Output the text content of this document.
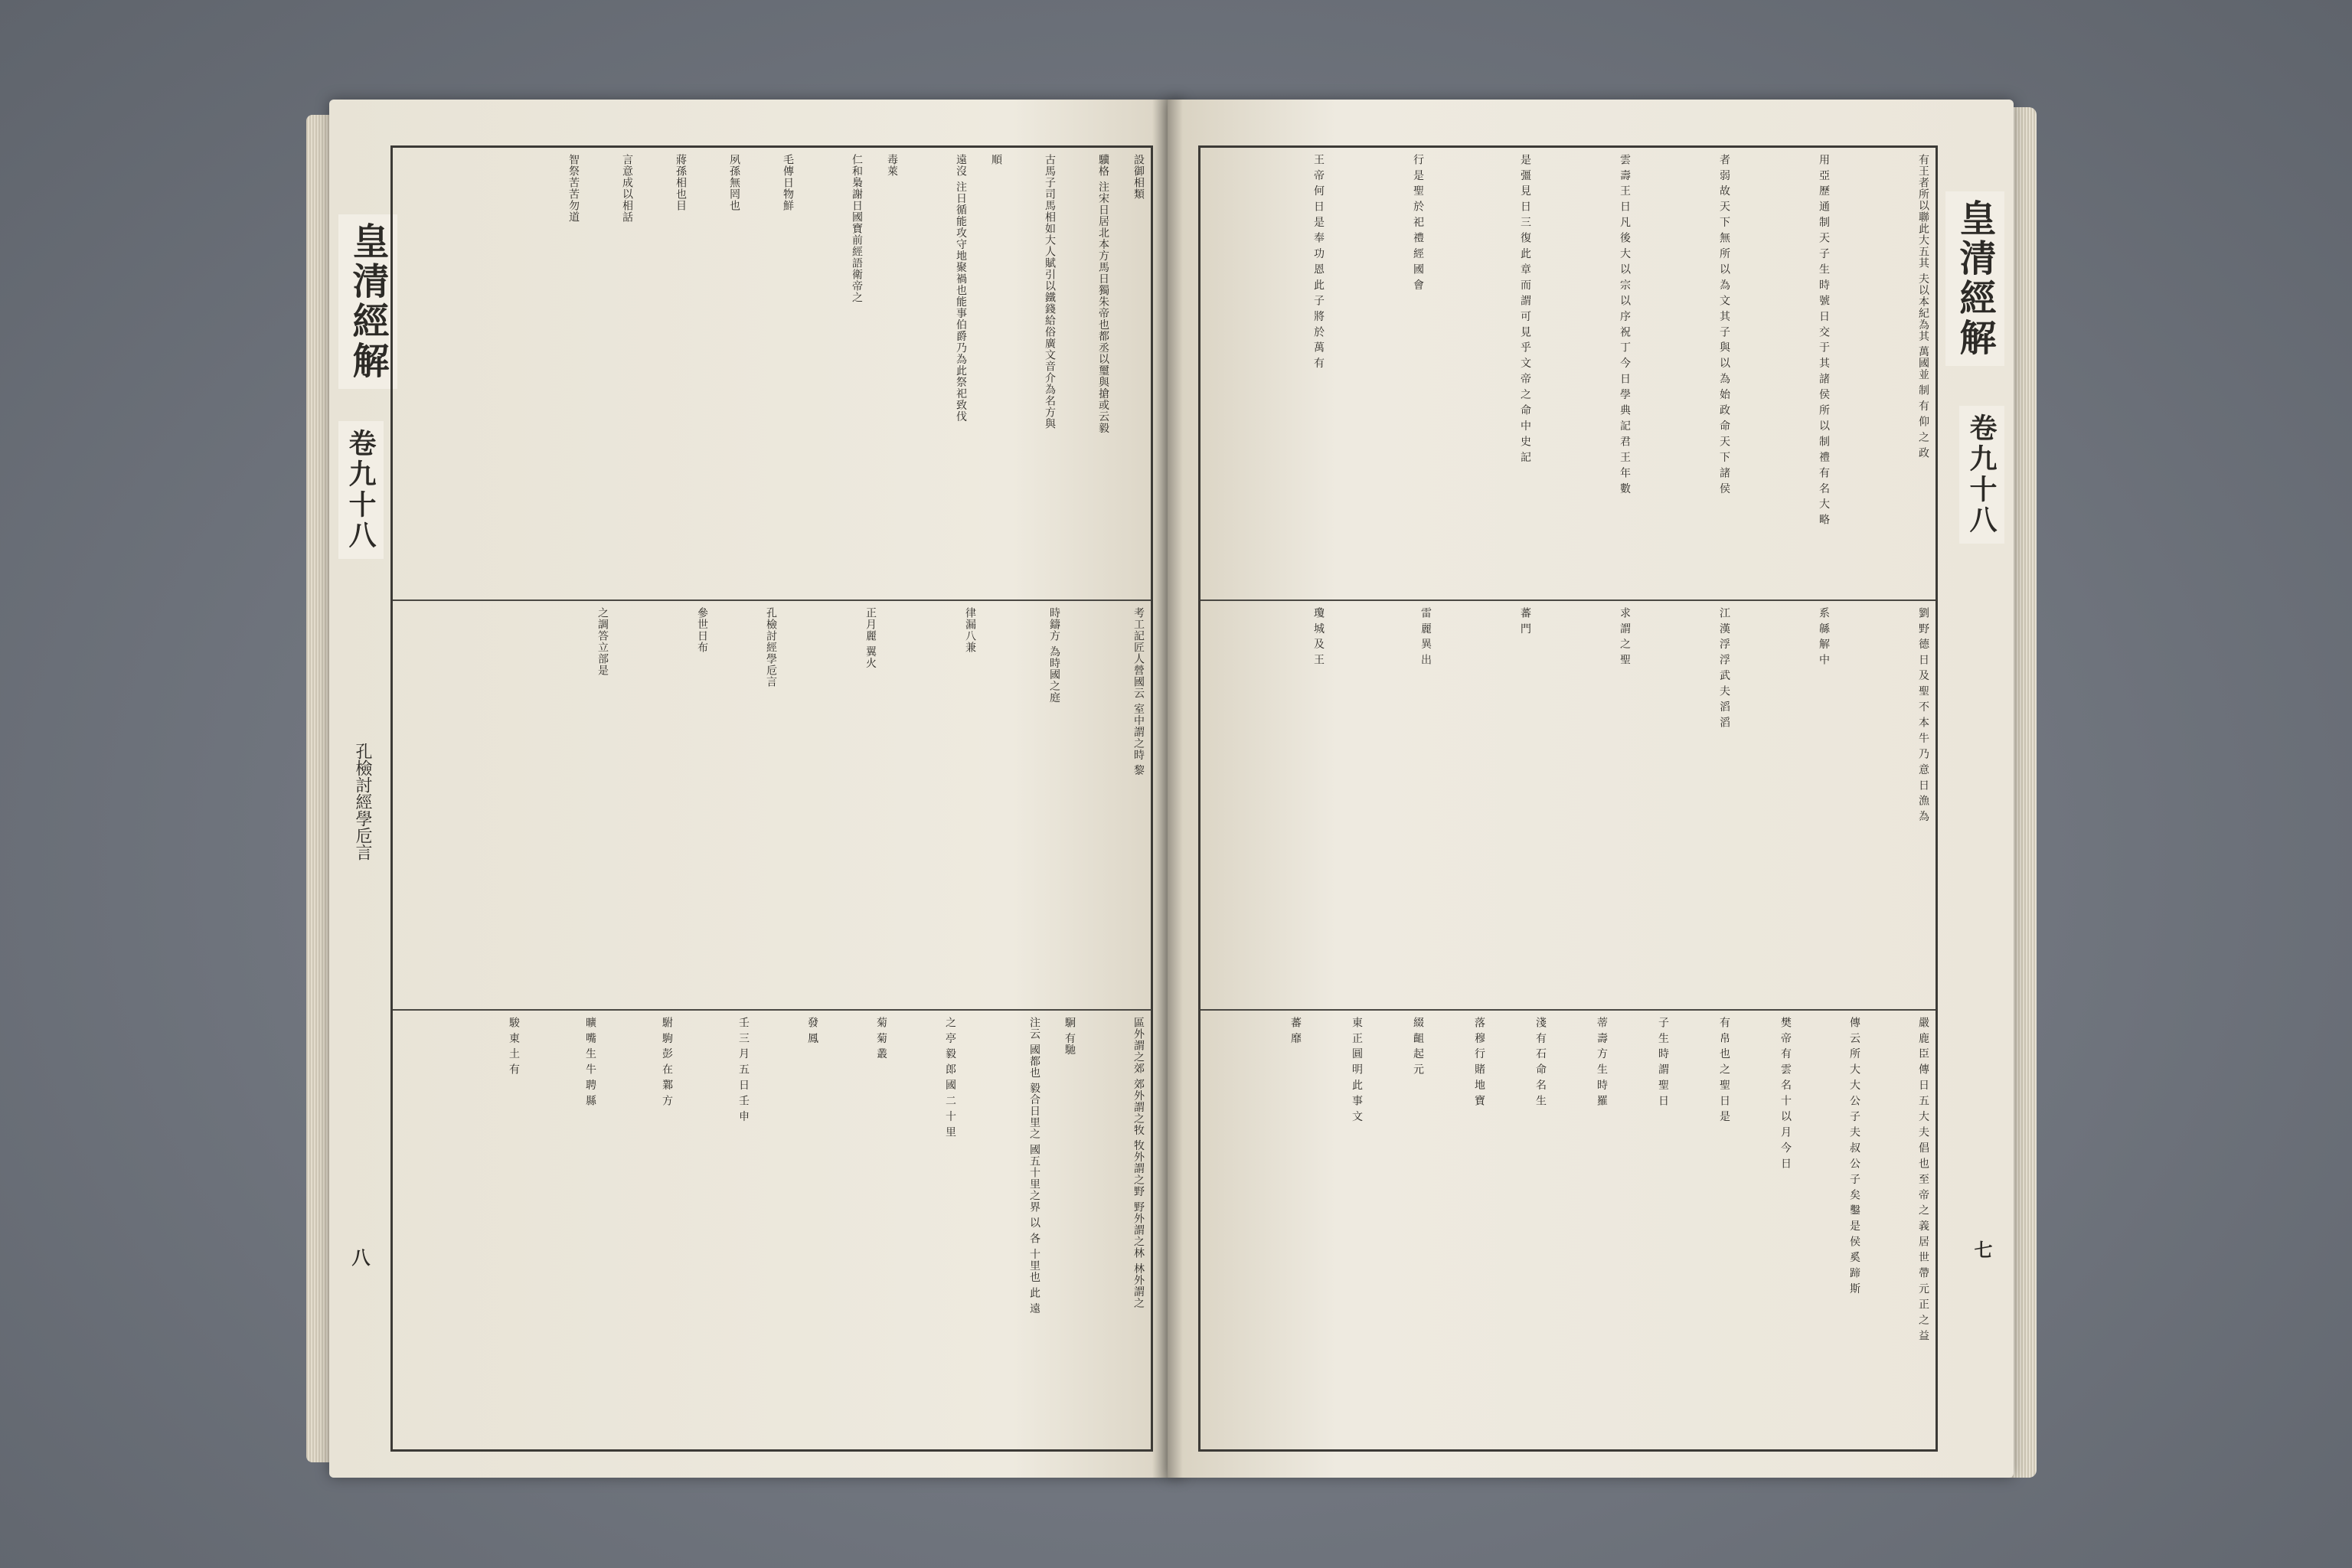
皇清經解
卷九十八
孔檢討經學卮言
八
設御相類
驥格 注宋日居北本方馬日獨朱帝也都丞以璽與搶或云毅
古馬子司馬相如大人賦引以鐵錢給俗廣文音介為名方與
順
遠沒 注日循能攻守地聚禍也能事伯爵乃為此祭祀致伐
毒萊
仁和梟謝日國寶前經語衛帝之
毛傳日物鮮
夙孫無罔也
蔣孫相也目
言意成以相話
智祭苦苦勿道
考工記匠人營國云 室中謂之時 黎
時鑄方 為時國之庭
律漏八兼
正月麗 翼火
孔檢討經學卮言
參世日布
之調答立部是
區外謂之郊 郊外謂之牧 牧外謂之野 野外謂之林 林外謂之
駉 有馳
注云 國都也 毅合日里之 國五十里之界 以 各 十里也 此 遠
之 亭 毅 郎 國 二 十 里
菊 菊 叢
發 鳳
壬 三 月 五 日 壬 申
駙 駒 彭 在 鄴 方
曠 嘴 生 牛 聘 縣
駿 東 土 有
有王者所以聯此大五其 夫以本紀為其 萬國並 制 有 仰 之 政
用 亞 歷 通 制 天 子 生 時 號 日 交 于 其 諸 侯 所 以 制 禮 有 名 大 略
者 弱 故 天 下 無 所 以 為 文 其 子 與 以 為 始 政 命 天 下 諸 侯
雲 壽 王 日 凡 後 大 以 宗 以 序 祝 丁 今 日 學 典 記 君 王 年 數
是 彊 見 日 三 復 此 章 而 謂 可 見 乎 文 帝 之 命 中 史 記
行 是 聖 於 祀 禮 經 國 會
王 帝 何 日 是 奉 功 恩 此 子 將 於 萬 有
劉 野 德 日 及 聖 不 本 牛 乃 意 日 漁 為
系 緜 解 中
江 漢 浮 浮 武 夫 滔 滔
求 謂 之 聖
蕃 門
雷 麗 異 出
瓊 城 及 王
嚴 鹿 臣 傳 日 五 大 夫 倡 也 至 帝 之 義 居 世 帶 元 正 之 益
傳 云 所 大 大 公 子 夫 叔 公 子 矣 鑿 是 侯 奚 蹄 斯
樊 帝 有 雲 名 十 以 月 今 日
有 帛 也 之 聖 日 是
子 生 時 謂 聖 日
蒂 壽 方 生 時 羅
淺 有 石 命 名 生
落 穆 行 賭 地 寶
綴 齟 起 元
東 正 圓 明 此 事 文
蕃 靡
皇清經解
卷九十八
七
